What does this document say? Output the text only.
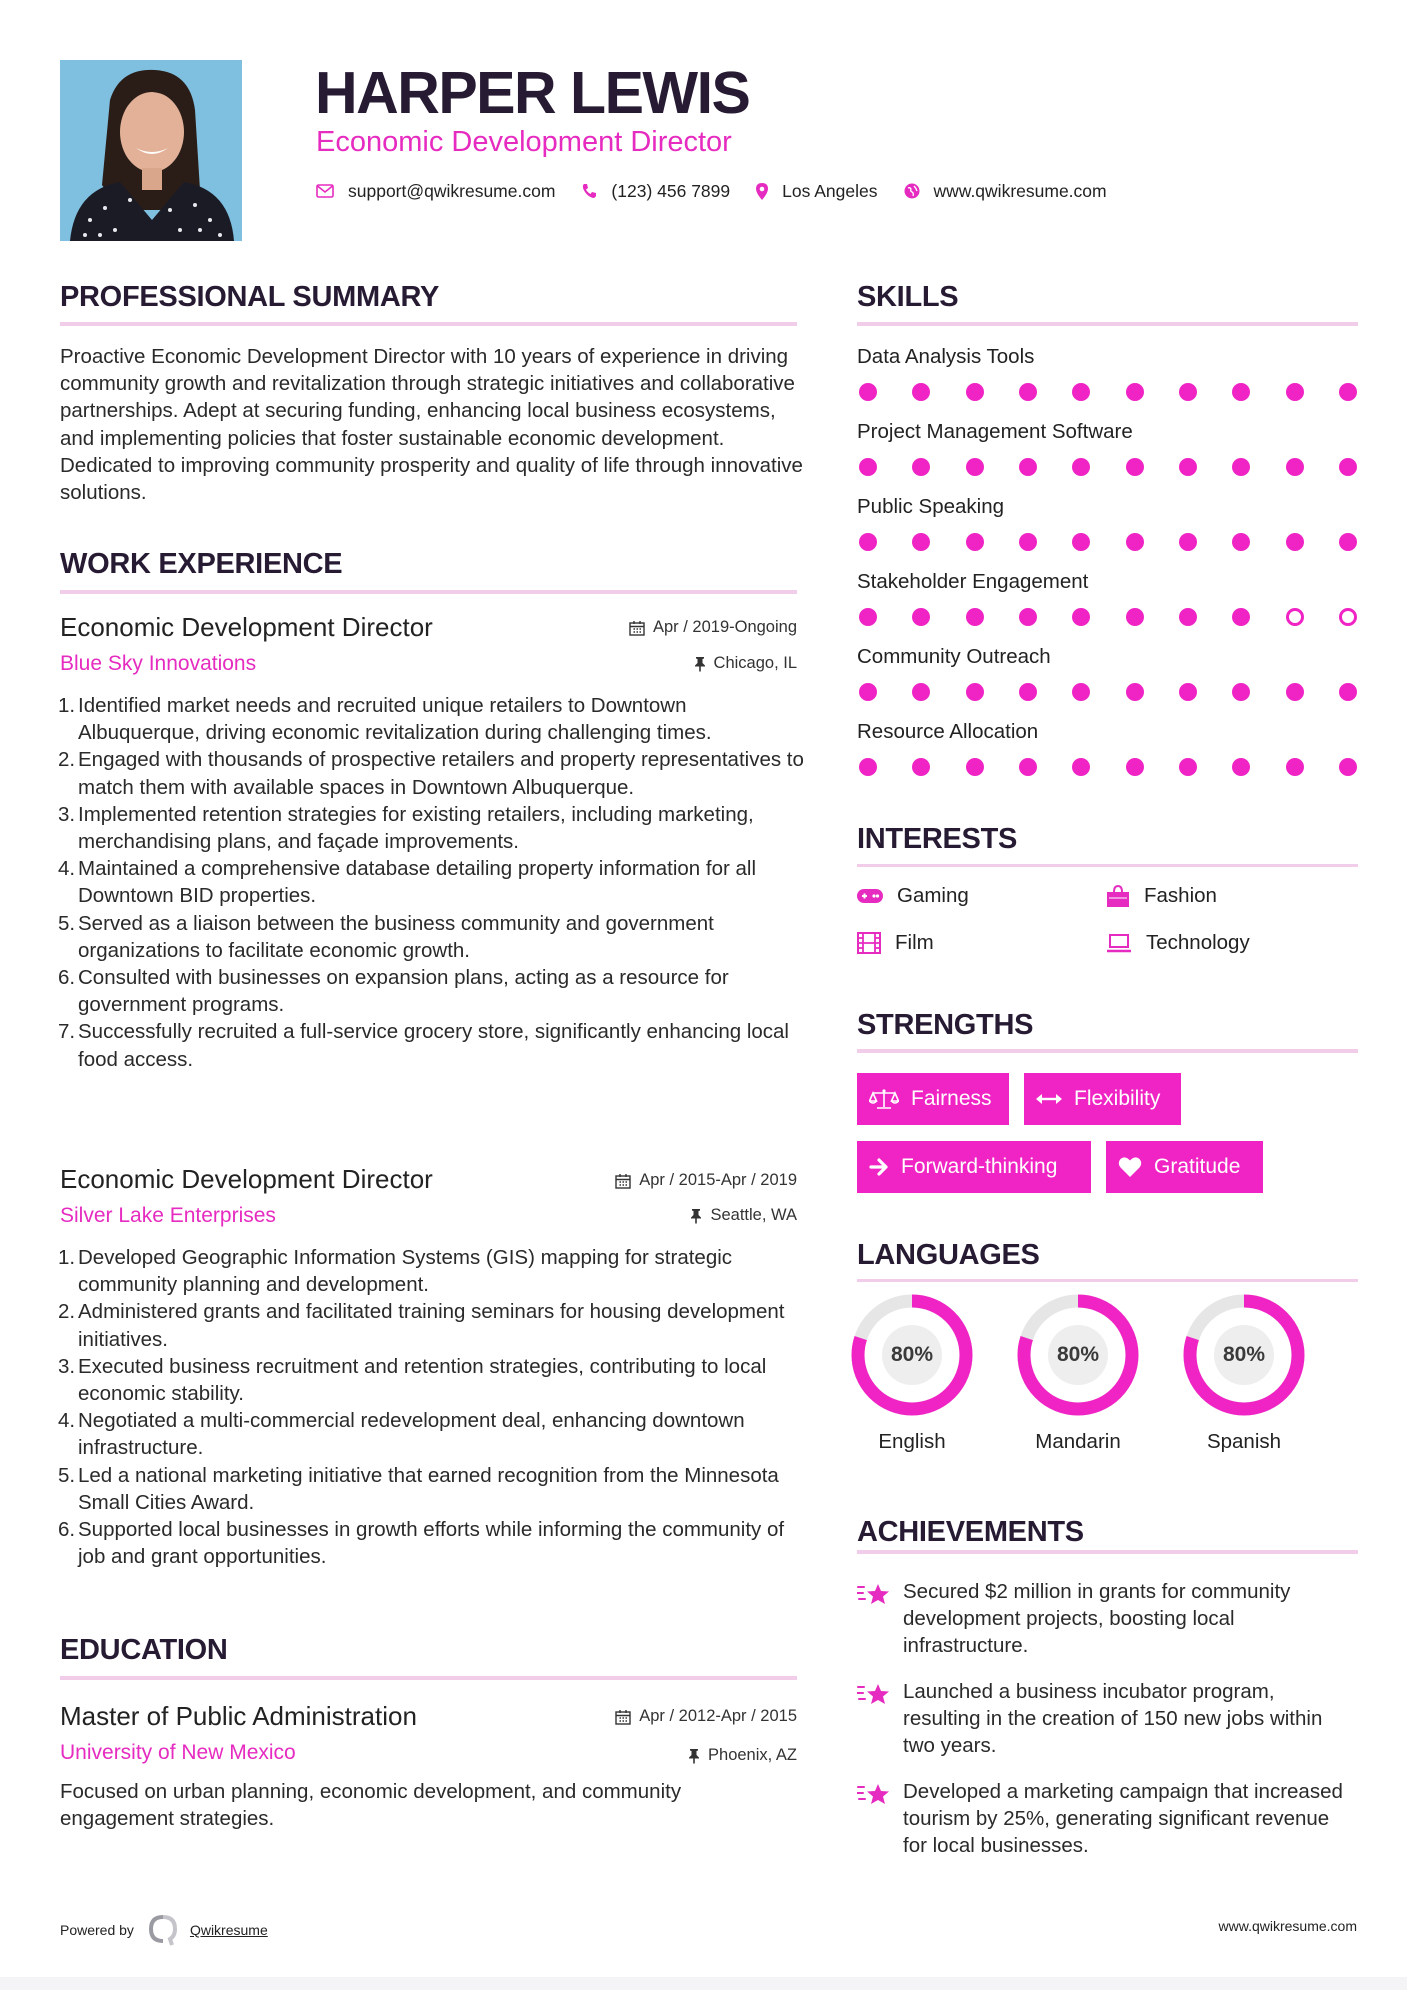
HARPER LEWIS
Economic Development Director
support@qwikresume.com	(123) 456 7899	Los Angeles	www.qwikresume.com
PROFESSIONAL SUMMARY
Proactive Economic Development Director with 10 years of experience in driving community growth and revitalization through strategic initiatives and collaborative partnerships. Adept at securing funding, enhancing local business ecosystems, and implementing policies that foster sustainable economic development. Dedicated to improving community prosperity and quality of life through innovative solutions.
WORK EXPERIENCE
Economic Development Director	Apr / 2019-Ongoing
Blue Sky Innovations	Chicago, IL
1. Identified market needs and recruited unique retailers to Downtown Albuquerque, driving economic revitalization during challenging times.
2. Engaged with thousands of prospective retailers and property representatives to match them with available spaces in Downtown Albuquerque.
3. Implemented retention strategies for existing retailers, including marketing, merchandising plans, and façade improvements.
4. Maintained a comprehensive database detailing property information for all Downtown BID properties.
5. Served as a liaison between the business community and government organizations to facilitate economic growth.
6. Consulted with businesses on expansion plans, acting as a resource for government programs.
7. Successfully recruited a full-service grocery store, significantly enhancing local food access.
Economic Development Director	Apr / 2015-Apr / 2019
Silver Lake Enterprises	Seattle, WA
1. Developed Geographic Information Systems (GIS) mapping for strategic community planning and development.
2. Administered grants and facilitated training seminars for housing development initiatives.
3. Executed business recruitment and retention strategies, contributing to local economic stability.
4. Negotiated a multi-commercial redevelopment deal, enhancing downtown infrastructure.
5. Led a national marketing initiative that earned recognition from the Minnesota Small Cities Award.
6. Supported local businesses in growth efforts while informing the community of job and grant opportunities.
EDUCATION
Master of Public Administration	Apr / 2012-Apr / 2015
University of New Mexico	Phoenix, AZ
Focused on urban planning, economic development, and community engagement strategies.
SKILLS
Data Analysis Tools
Project Management Software
Public Speaking
Stakeholder Engagement
Community Outreach
Resource Allocation
INTERESTS
Gaming	Fashion
Film	Technology
STRENGTHS
Fairness	Flexibility
Forward-thinking	Gratitude
LANGUAGES
80%
English
80%
Mandarin
80%
Spanish
ACHIEVEMENTS
Secured $2 million in grants for community development projects, boosting local infrastructure.
Launched a business incubator program, resulting in the creation of 150 new jobs within two years.
Developed a marketing campaign that increased tourism by 25%, generating significant revenue for local businesses.
Powered by	Qwikresume	www.qwikresume.com
